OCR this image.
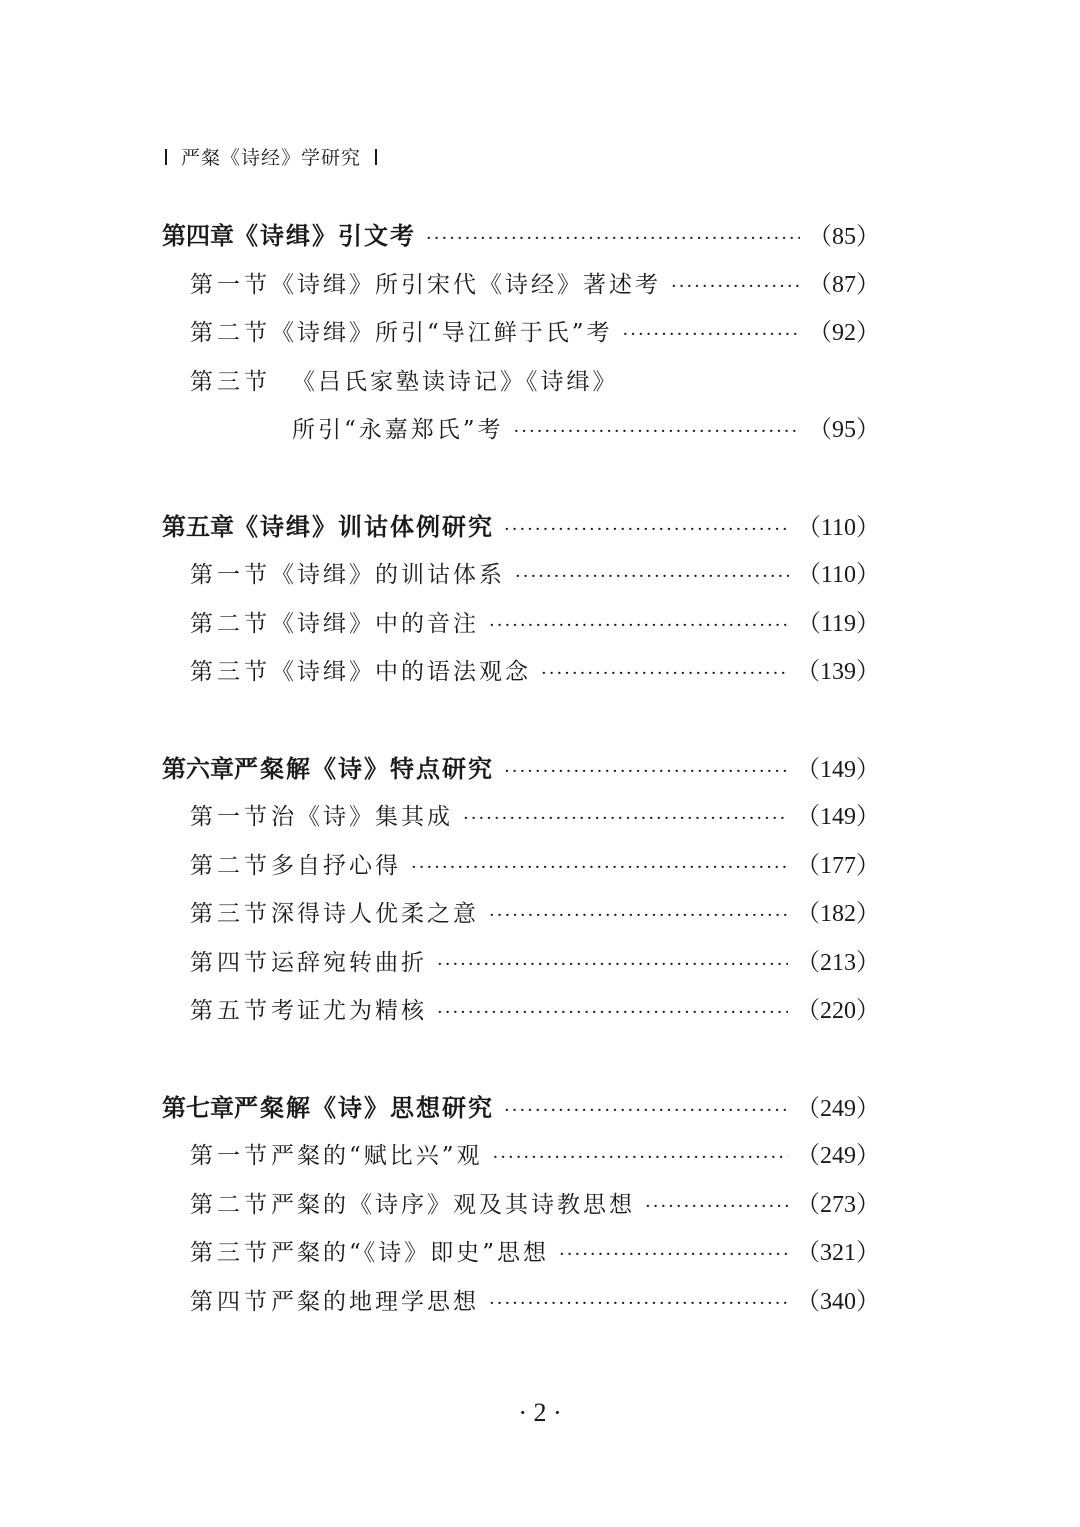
严粲《诗经》学研究
第四章 《诗缉》引文考 ·····	（85）
第一节 《诗缉》所引宋代《诗经》著述考 ·····	（87）
第二节 《诗缉》所引“导江鲜于氏”考 ·····	（92）
第三节 《吕氏家塾读诗记》《诗缉》
所引“永嘉郑氏”考 ·····	（95）
第五章 《诗缉》训诂体例研究 ·····	（110）
第一节 《诗缉》的训诂体系 ·····	（110）
第二节 《诗缉》中的音注 ·····	（119）
第三节 《诗缉》中的语法观念 ·····	（139）
第六章 严粲解《诗》特点研究 ·····	（149）
第一节 治《诗》集其成 ·····	（149）
第二节 多自抒心得 ·····	（177）
第三节 深得诗人优柔之意 ·····	（182）
第四节 运辞宛转曲折 ·····	（213）
第五节 考证尤为精核 ·····	（220）
第七章 严粲解《诗》思想研究 ·····	（249）
第一节 严粲的“赋比兴”观 ·····	（249）
第二节 严粲的《诗序》观及其诗教思想 ·····	（273）
第三节 严粲的“《诗》即史”思想 ·····	（321）
第四节 严粲的地理学思想 ·····	（340）
· 2 ·
